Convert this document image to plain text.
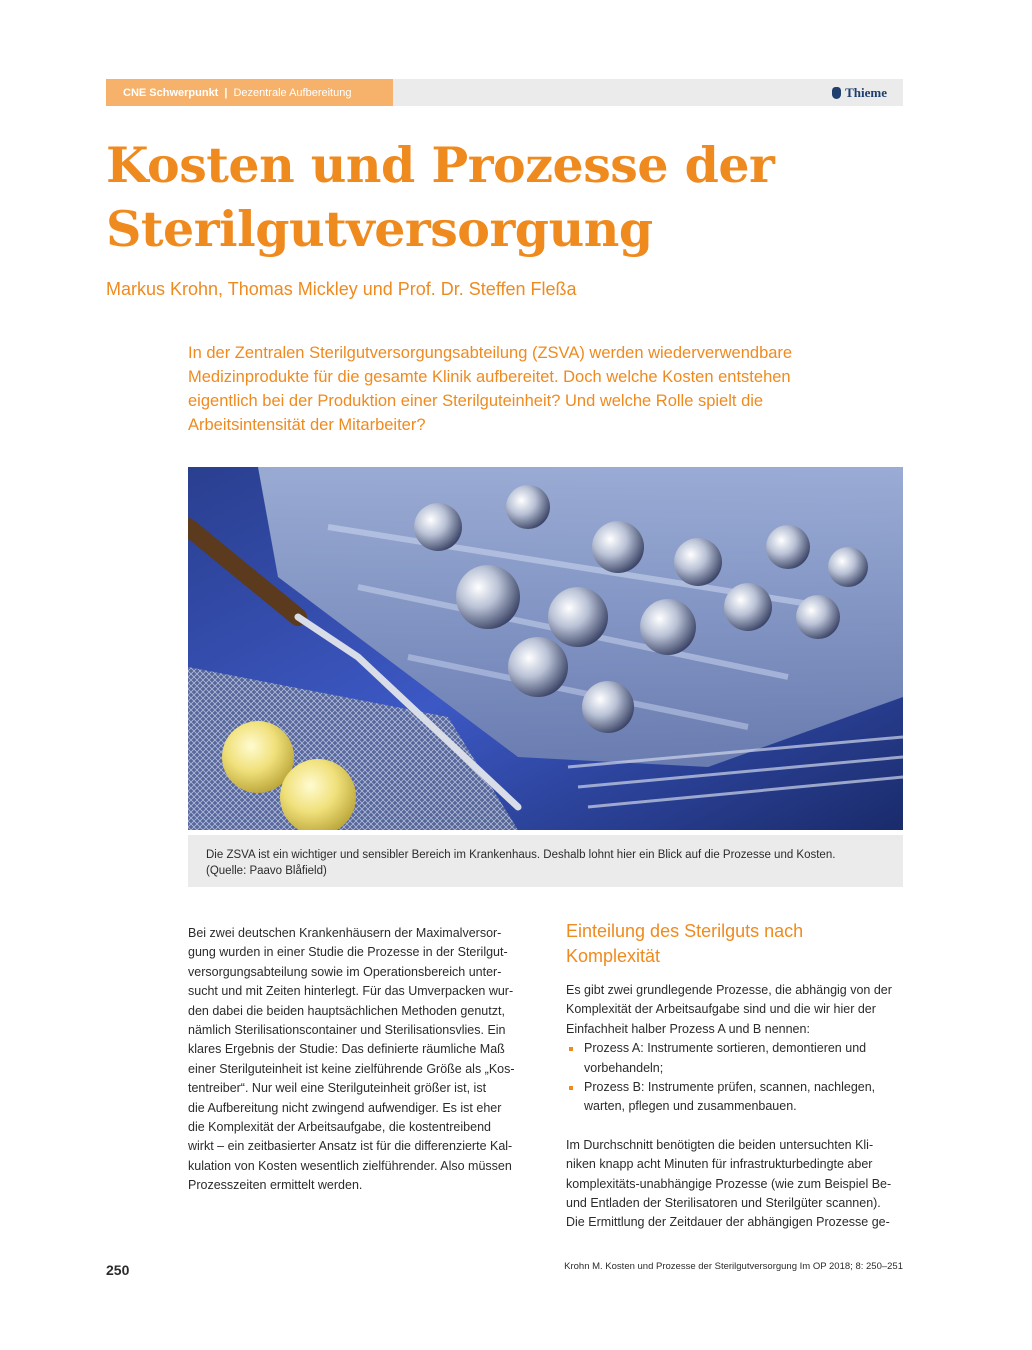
CNE Schwerpunkt | Dezentrale Aufbereitung	Thieme
Kosten und Prozesse der
Sterilgutversorgung
Markus Krohn, Thomas Mickley und Prof. Dr. Steffen Fleßa

In der Zentralen Sterilgutversorgungsabteilung (ZSVA) werden wiederverwendbare
Medizinprodukte für die gesamte Klinik aufbereitet. Doch welche Kosten entstehen
eigentlich bei der Produktion einer Sterilguteinheit? Und welche Rolle spielt die
Arbeitsintensität der Mitarbeiter?

Die ZSVA ist ein wichtiger und sensibler Bereich im Krankenhaus. Deshalb lohnt hier ein Blick auf die Prozesse und Kosten.
(Quelle: Paavo Blåfield)

Bei zwei deutschen Krankenhäusern der Maximalversor-
gung wurden in einer Studie die Prozesse in der Sterilgut-
versorgungsabteilung sowie im Operationsbereich unter-
sucht und mit Zeiten hinterlegt. Für das Umverpacken wur-
den dabei die beiden hauptsächlichen Methoden genutzt,
nämlich Sterilisationscontainer und Sterilisationsvlies. Ein
klares Ergebnis der Studie: Das definierte räumliche Maß
einer Sterilguteinheit ist keine zielführende Größe als „Kos-
tentreiber“. Nur weil eine Sterilguteinheit größer ist, ist
die Aufbereitung nicht zwingend aufwendiger. Es ist eher
die Komplexität der Arbeitsaufgabe, die kostentreibend
wirkt – ein zeitbasierter Ansatz ist für die differenzierte Kal-
kulation von Kosten wesentlich zielführender. Also müssen
Prozesszeiten ermittelt werden.

Einteilung des Sterilguts nach
Komplexität

Es gibt zwei grundlegende Prozesse, die abhängig von der
Komplexität der Arbeitsaufgabe sind und die wir hier der
Einfachheit halber Prozess A und B nennen:

Prozess A: Instrumente sortieren, demontieren und
vorbehandeln;
Prozess B: Instrumente prüfen, scannen, nachlegen,
warten, pflegen und zusammenbauen.

Im Durchschnitt benötigten die beiden untersuchten Kli-
niken knapp acht Minuten für infrastrukturbedingte aber
komplexitäts-unabhängige Prozesse (wie zum Beispiel Be-
und Entladen der Sterilisatoren und Sterilgüter scannen).
Die Ermittlung der Zeitdauer der abhängigen Prozesse ge-

250	Krohn M. Kosten und Prozesse der Sterilgutversorgung Im OP 2018; 8: 250–251
